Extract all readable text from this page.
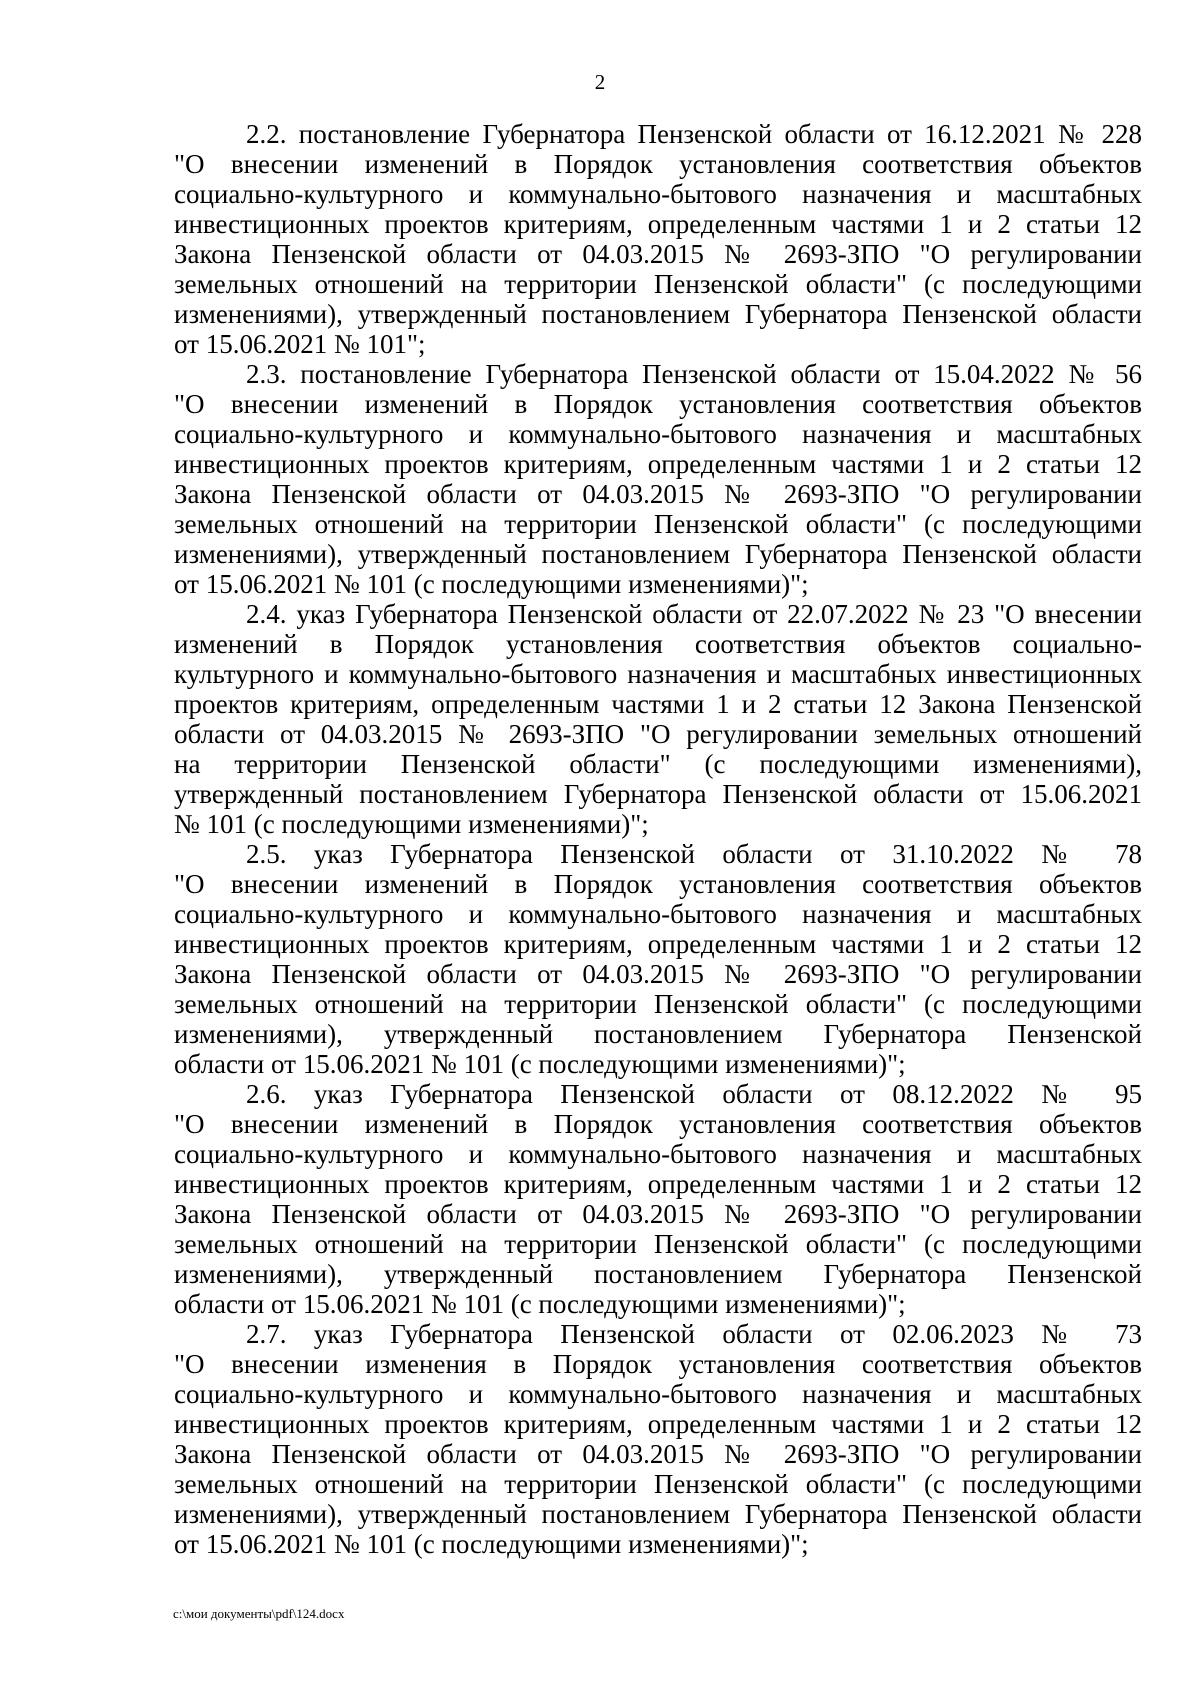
2
2.2. постановление Губернатора Пензенской области от 16.12.2021 № 228
"О внесении изменений в Порядок установления соответствия объектов
социально-культурного и коммунально-бытового назначения и масштабных
инвестиционных проектов критериям, определенным частями 1 и 2 статьи 12
Закона Пензенской области от 04.03.2015 № 2693-ЗПО "О регулировании
земельных отношений на территории Пензенской области" (с последующими
изменениями), утвержденный постановлением Губернатора Пензенской области
от 15.06.2021 № 101";
2.3. постановление Губернатора Пензенской области от 15.04.2022 № 56
"О внесении изменений в Порядок установления соответствия объектов
социально-культурного и коммунально-бытового назначения и масштабных
инвестиционных проектов критериям, определенным частями 1 и 2 статьи 12
Закона Пензенской области от 04.03.2015 № 2693-ЗПО "О регулировании
земельных отношений на территории Пензенской области" (с последующими
изменениями), утвержденный постановлением Губернатора Пензенской области
от 15.06.2021 № 101 (с последующими изменениями)";
2.4. указ Губернатора Пензенской области от 22.07.2022 № 23 "О внесении
изменений в Порядок установления соответствия объектов социально-
культурного и коммунально-бытового назначения и масштабных инвестиционных
проектов критериям, определенным частями 1 и 2 статьи 12 Закона Пензенской
области от 04.03.2015 № 2693-ЗПО "О регулировании земельных отношений
на территории Пензенской области" (с последующими изменениями),
утвержденный постановлением Губернатора Пензенской области от 15.06.2021
№ 101 (с последующими изменениями)";
2.5. указ Губернатора Пензенской области от 31.10.2022 № 78
"О внесении изменений в Порядок установления соответствия объектов
социально-культурного и коммунально-бытового назначения и масштабных
инвестиционных проектов критериям, определенным частями 1 и 2 статьи 12
Закона Пензенской области от 04.03.2015 № 2693-ЗПО "О регулировании
земельных отношений на территории Пензенской области" (с последующими
изменениями), утвержденный постановлением Губернатора Пензенской
области от 15.06.2021 № 101 (с последующими изменениями)";
2.6. указ Губернатора Пензенской области от 08.12.2022 № 95
"О внесении изменений в Порядок установления соответствия объектов
социально-культурного и коммунально-бытового назначения и масштабных
инвестиционных проектов критериям, определенным частями 1 и 2 статьи 12
Закона Пензенской области от 04.03.2015 № 2693-ЗПО "О регулировании
земельных отношений на территории Пензенской области" (с последующими
изменениями), утвержденный постановлением Губернатора Пензенской
области от 15.06.2021 № 101 (с последующими изменениями)";
2.7. указ Губернатора Пензенской области от 02.06.2023 № 73
"О внесении изменения в Порядок установления соответствия объектов
социально-культурного и коммунально-бытового назначения и масштабных
инвестиционных проектов критериям, определенным частями 1 и 2 статьи 12
Закона Пензенской области от 04.03.2015 № 2693-ЗПО "О регулировании
земельных отношений на территории Пензенской области" (с последующими
изменениями), утвержденный постановлением Губернатора Пензенской области
от 15.06.2021 № 101 (с последующими изменениями)";
c:\мои документы\pdf\124.docx
